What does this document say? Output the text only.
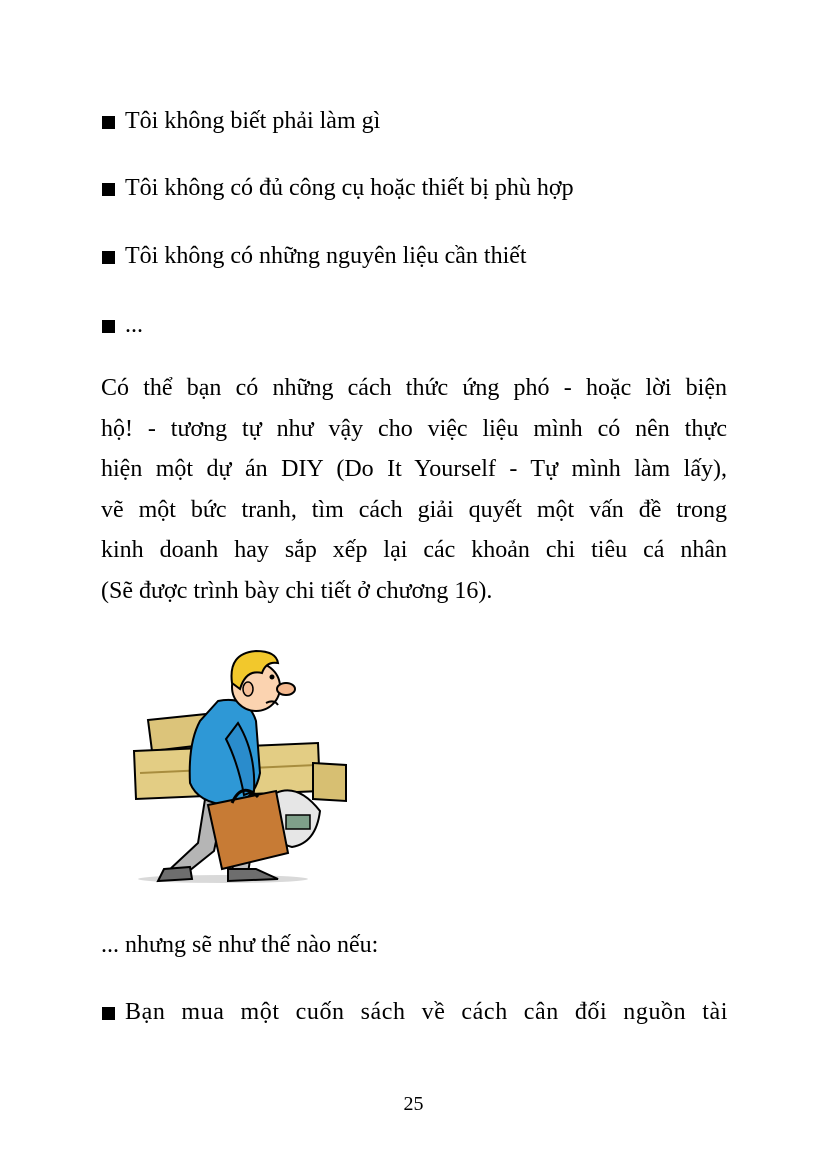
Tôi không biết phải làm gì
Tôi không có đủ công cụ hoặc thiết bị phù hợp
Tôi không có những nguyên liệu cần thiết
...
Có thể bạn có những cách thức ứng phó - hoặc lời biện
hộ! - tương tự như vậy cho việc liệu mình có nên thực
hiện một dự án DIY (Do It Yourself - Tự mình làm lấy),
vẽ một bức tranh, tìm cách giải quyết một vấn đề trong
kinh doanh hay sắp xếp lại các khoản chi tiêu cá nhân
(Sẽ được trình bày chi tiết ở chương 16).
... nhưng sẽ như thế nào nếu:
Bạn mua một cuốn sách về cách cân đối nguồn tài
25
